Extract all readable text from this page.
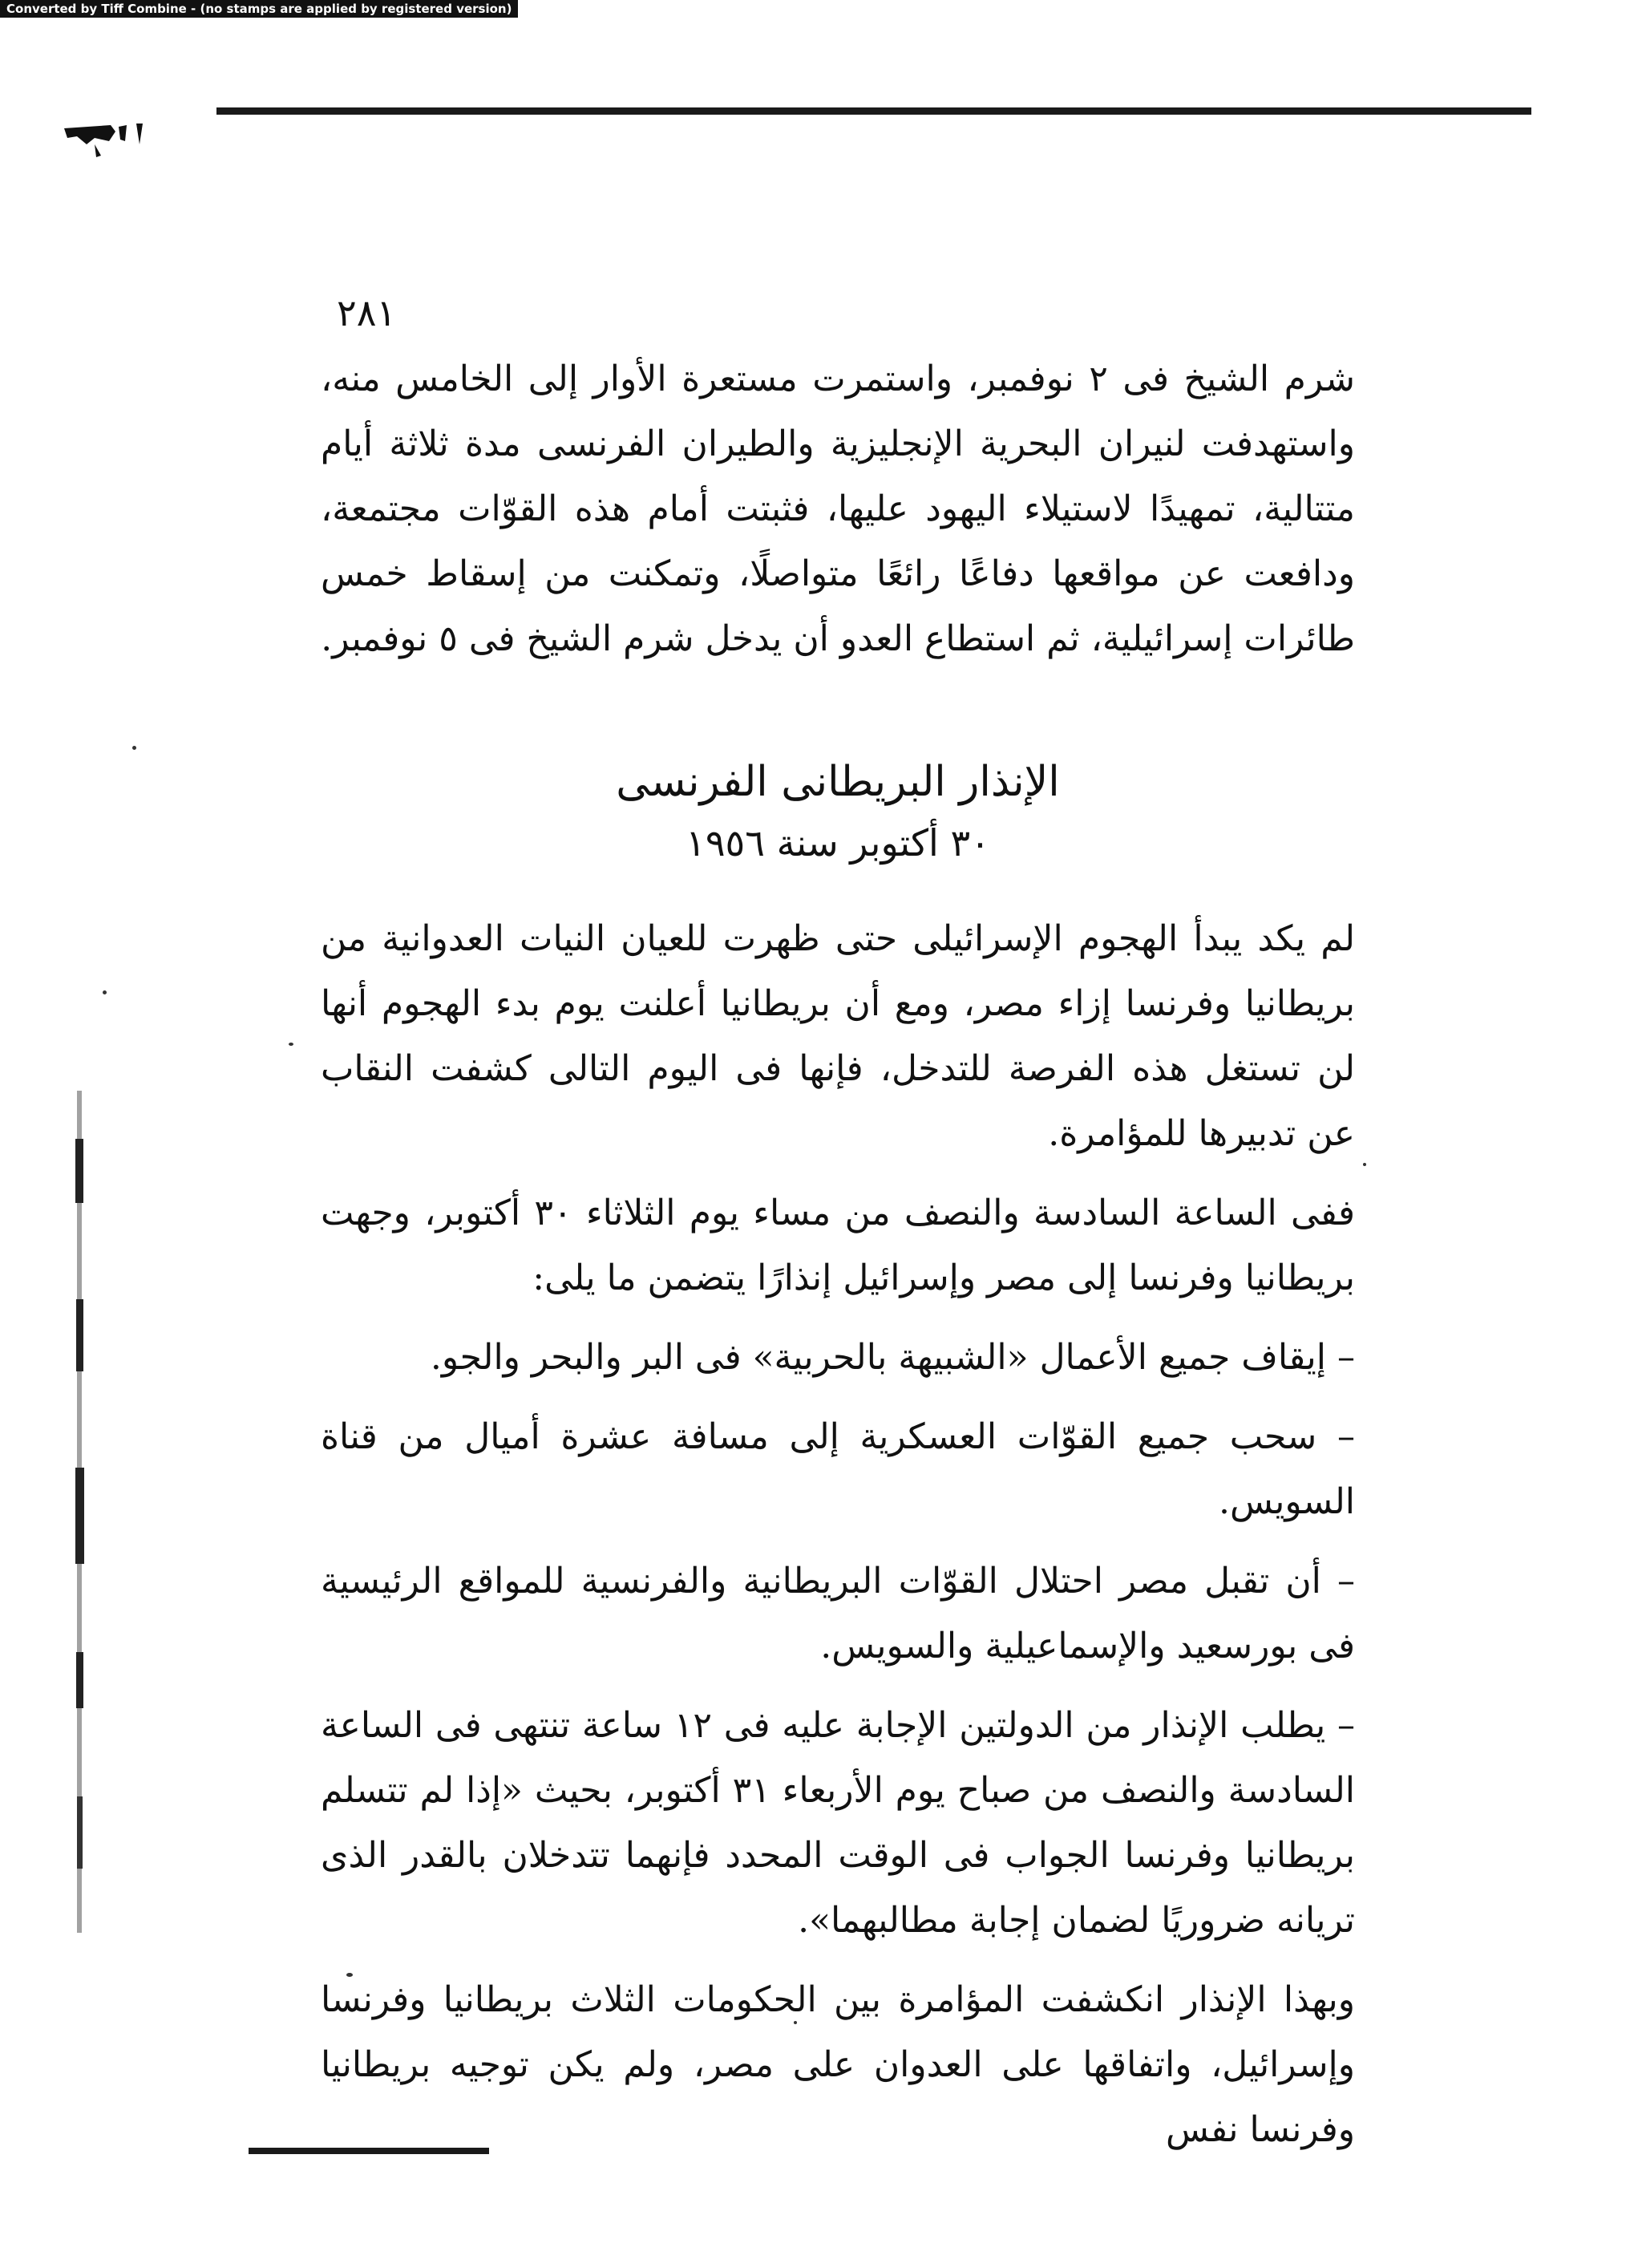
Converted by Tiff Combine - (no stamps are applied by registered version)
٢٨١

شرم الشيخ فى ٢ نوفمبر، واستمرت مستعرة الأوار إلى الخامس منه، واستهدفت لنيران البحرية الإنجليزية والطيران الفرنسى مدة ثلاثة أيام متتالية، تمهيدًا لاستيلاء اليهود عليها، فثبتت أمام هذه القوّات مجتمعة، ودافعت عن مواقعها دفاعًا رائعًا متواصلًا، وتمكنت من إسقاط خمس طائرات إسرائيلية، ثم استطاع العدو أن يدخل شرم الشيخ فى ٥ نوفمبر.

الإنذار البريطانى الفرنسى
٣٠ أكتوبر سنة ١٩٥٦

لم يكد يبدأ الهجوم الإسرائيلى حتى ظهرت للعيان النيات العدوانية من بريطانيا وفرنسا إزاء مصر، ومع أن بريطانيا أعلنت يوم بدء الهجوم أنها لن تستغل هذه الفرصة للتدخل، فإنها فى اليوم التالى كشفت النقاب عن تدبيرها للمؤامرة.

ففى الساعة السادسة والنصف من مساء يوم الثلاثاء ٣٠ أكتوبر، وجهت بريطانيا وفرنسا إلى مصر وإسرائيل إنذارًا يتضمن ما يلى:

– إيقاف جميع الأعمال «الشبيهة بالحربية» فى البر والبحر والجو.

– سحب جميع القوّات العسكرية إلى مسافة عشرة أميال من قناة السويس.

– أن تقبل مصر احتلال القوّات البريطانية والفرنسية للمواقع الرئيسية فى بورسعيد والإسماعيلية والسويس.

– يطلب الإنذار من الدولتين الإجابة عليه فى ١٢ ساعة تنتهى فى الساعة السادسة والنصف من صباح يوم الأربعاء ٣١ أكتوبر، بحيث «إذا لم تتسلم بريطانيا وفرنسا الجواب فى الوقت المحدد فإنهما تتدخلان بالقدر الذى تريانه ضروريًا لضمان إجابة مطالبهما».

وبهذا الإنذار انكشفت المؤامرة بين الحكومات الثلاث بريطانيا وفرنسا وإسرائيل، واتفاقها على العدوان على مصر، ولم يكن توجيه بريطانيا وفرنسا نفس
